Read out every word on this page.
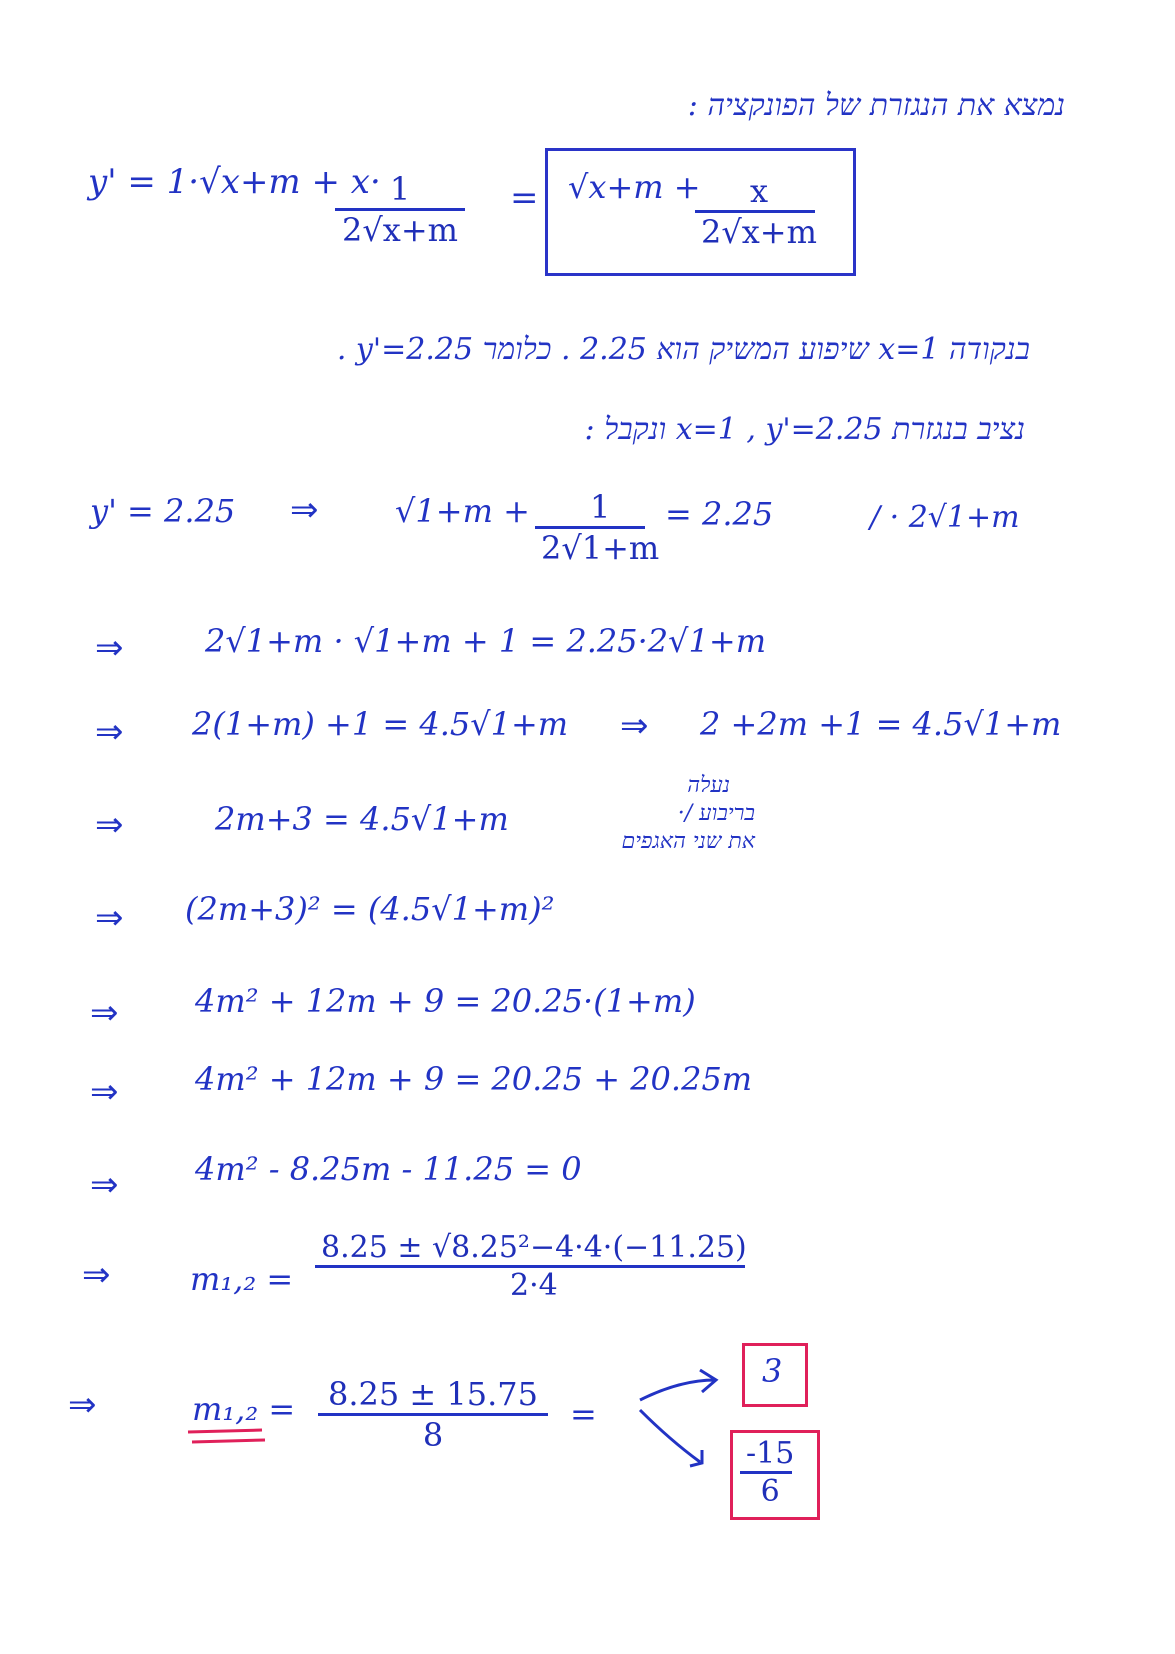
נמצא את הנגזרת של הפונקציה :
y' = 1·√x+m + x· 1
2√x+m
= √x+m + x
2√x+m
בנקודה x=1 שיפוע המשיק הוא 2.25 . כלומר y'=2.25 .
נציב בנגזרת x=1 , y'=2.25 ונקבל :
y' = 2.25 ⇒ √1+m + 1
2√1+m
= 2.25	/ · 2√1+m
⇒	2√1+m · √1+m + 1 = 2.25·2√1+m
⇒ 2(1+m) +1 = 4.5√1+m ⇒ 2 +2m +1 = 4.5√1+m
⇒	2m+3 = 4.5√1+m
נעלה
בריבוע /·
את שני האגפים
⇒ (2m+3)² = (4.5√1+m)²
⇒ 4m² + 12m + 9 = 20.25·(1+m)
⇒ 4m² + 12m + 9 = 20.25 + 20.25m
⇒ 4m² - 8.25m - 11.25 = 0
⇒ m₁,₂ =
8.25 ± √8.25²−4·4·(−11.25)
2·4
⇒	m₁,₂ = 8.25 ± 15.75
8
=
3
-15
6
